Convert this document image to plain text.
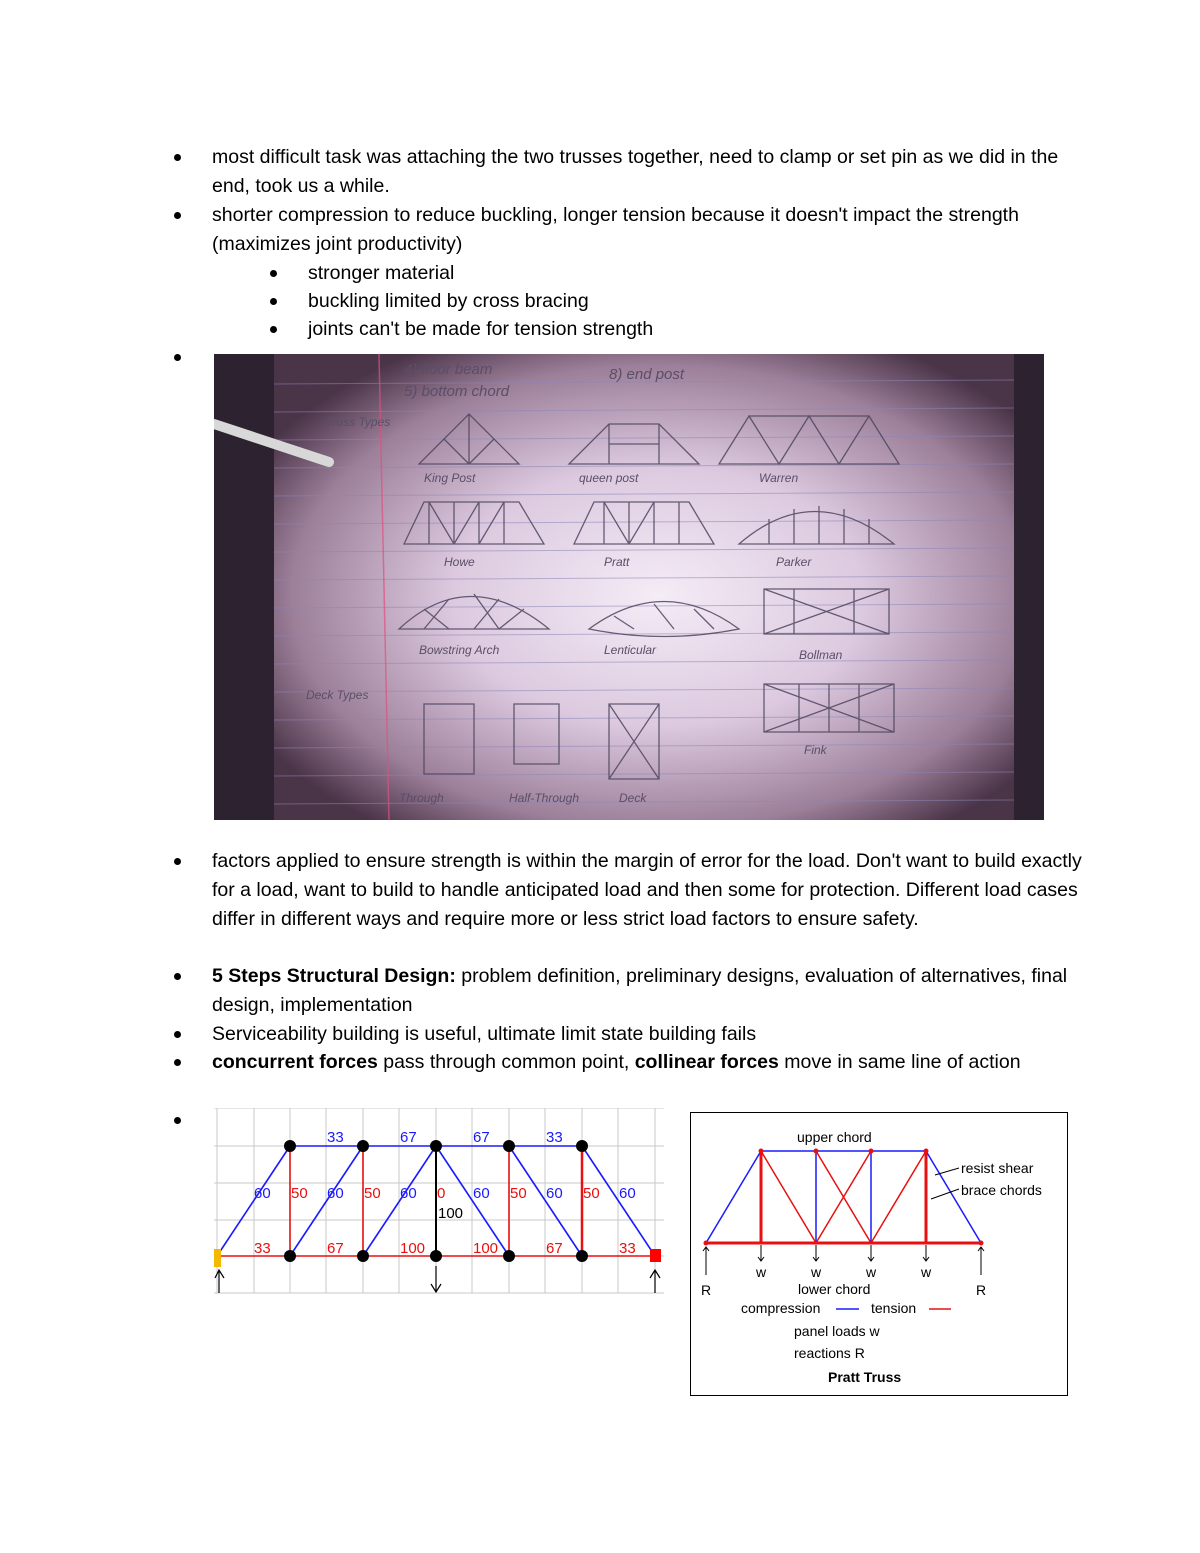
most difficult task was attaching the two trusses together, need to clamp or set pin as we did in the end, took us a while.
shorter compression to reduce buckling, longer tension because it doesn't impact the strength (maximizes joint productivity)
stronger material
buckling limited by cross bracing
joints can't be made for tension strength
factors applied to ensure strength is within the margin of error for the load. Don't want to build exactly for a load, want to build to handle anticipated load and then some for protection. Different load cases differ in different ways and require more or less strict load factors to ensure safety.
5 Steps Structural Design: problem definition, preliminary designs, evaluation of alternatives, final design, implementation
Serviceability building is useful, ultimate limit state building fails
concurrent forces pass through common point, collinear forces move in same line of action
4) floor beam
5) bottom chord
8) end post
Truss Types
Deck Types
King Post	queen post	Warren
Howe	Pratt	Parker
Bowstring Arch	Lenticular	Bollman
Through	Half-Through	Deck
Fink
33	67	67	33
60	60	60	60	60	60
50	50	0	50	50
33	67	100	100	67	33
100
upper chord
resist shear
brace chords
w	w	w	w
R	R
lower chord
compression	tension
panel loads w
reactions R
Pratt Truss
